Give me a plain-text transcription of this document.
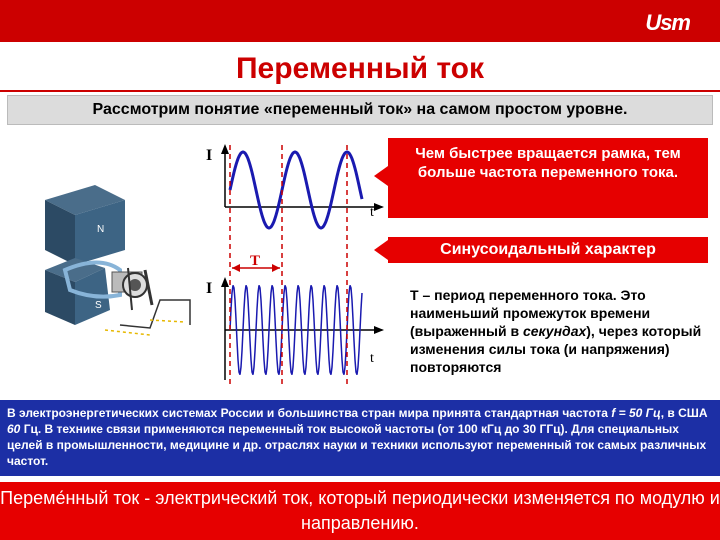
Usm
Переменный ток
Рассмотрим понятие «переменный ток» на самом простом уровне.
N
S
I
t
I
t
T
Чем быстрее вращается рамка, тем больше частота переменного тока.
Синусоидальный характер
Т – период переменного тока. Это наименьший промежуток времени (выраженный в секундах), через который изменения силы тока (и напряжения) повторяются
В электроэнергетических системах России и большинства стран мира принята стандартная частота f = 50 Гц, в США 60 Гц. В технике связи применяются переменный ток высокой частоты (от 100 кГц до 30 ГГц). Для специальных целей в промышленности, медицине и др. отраслях науки и техники используют переменный ток самых различных частот.
Переме́нный ток - электрический ток, который периодически изменяется по модулю и направлению.
